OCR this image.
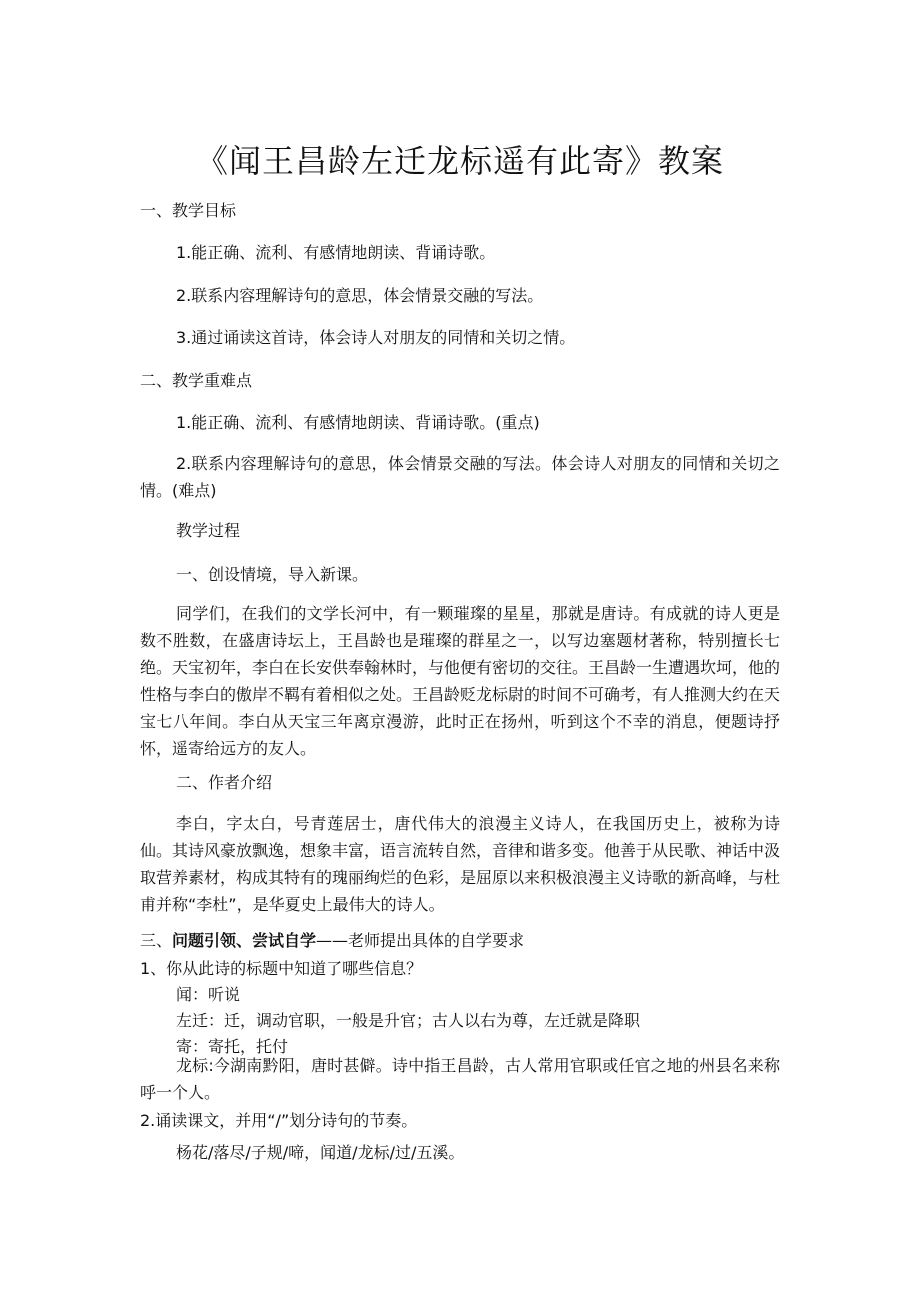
《闻王昌龄左迁龙标遥有此寄》教案

一、教学目标

1.能正确、流利、有感情地朗读、背诵诗歌。

2.联系内容理解诗句的意思，体会情景交融的写法。

3.通过诵读这首诗，体会诗人对朋友的同情和关切之情。

二、教学重难点

1.能正确、流利、有感情地朗读、背诵诗歌。(重点)

2.联系内容理解诗句的意思，体会情景交融的写法。体会诗人对朋友的同情和关切之情。(难点)

教学过程

一、创设情境，导入新课。

同学们，在我们的文学长河中，有一颗璀璨的星星，那就是唐诗。有成就的诗人更是数不胜数，在盛唐诗坛上，王昌龄也是璀璨的群星之一，以写边塞题材著称，特别擅长七绝。天宝初年，李白在长安供奉翰林时，与他便有密切的交往。王昌龄一生遭遇坎坷，他的性格与李白的傲岸不羁有着相似之处。王昌龄贬龙标尉的时间不可确考，有人推测大约在天宝七八年间。李白从天宝三年离京漫游，此时正在扬州，听到这个不幸的消息，便题诗抒怀，遥寄给远方的友人。

二、作者介绍

李白，字太白，号青莲居士，唐代伟大的浪漫主义诗人，在我国历史上，被称为诗仙。其诗风豪放飘逸，想象丰富，语言流转自然，音律和谐多变。他善于从民歌、神话中汲取营养素材，构成其特有的瑰丽绚烂的色彩，是屈原以来积极浪漫主义诗歌的新高峰，与杜甫并称“李杜”，是华夏史上最伟大的诗人。

三、问题引领、尝试自学——老师提出具体的自学要求

1、你从此诗的标题中知道了哪些信息？

闻：听说

左迁：迁，调动官职，一般是升官；古人以右为尊，左迁就是降职

寄：寄托，托付

龙标:今湖南黔阳，唐时甚僻。诗中指王昌龄，古人常用官职或任官之地的州县名来称呼一个人。

2.诵读课文，并用“/”划分诗句的节奏。

杨花/落尽/子规/啼，闻道/龙标/过/五溪。
